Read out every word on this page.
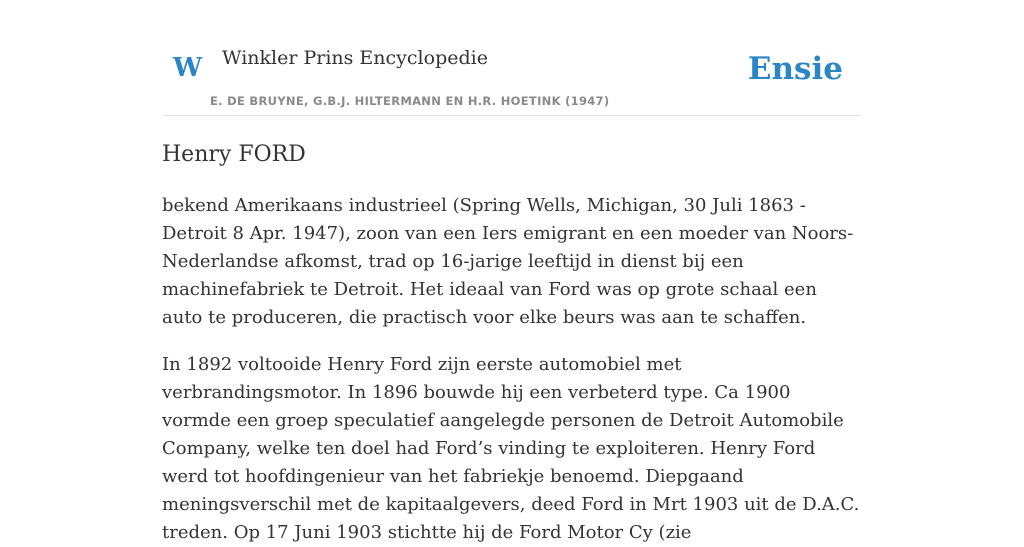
W Winkler Prins Encyclopedie
E. DE BRUYNE, G.B.J. HILTERMANN EN H.R. HOETINK (1947)
Ensie
Henry FORD

bekend Amerikaans industrieel (Spring Wells, Michigan, 30 Juli 1863 - Detroit 8 Apr. 1947), zoon van een Iers emigrant en een moeder van Noors-Nederlandse afkomst, trad op 16-jarige leeftijd in dienst bij een machinefabriek te Detroit. Het ideaal van Ford was op grote schaal een auto te produceren, die practisch voor elke beurs was aan te schaffen.

In 1892 voltooide Henry Ford zijn eerste automobiel met verbrandingsmotor. In 1896 bouwde hij een verbeterd type. Ca 1900 vormde een groep speculatief aangelegde personen de Detroit Automobile Company, welke ten doel had Ford’s vinding te exploiteren. Henry Ford werd tot hoofdingenieur van het fabriekje benoemd. Diepgaand meningsverschil met de kapitaalgevers, deed Ford in Mrt 1903 uit de D.A.C. treden. Op 17 Juni 1903 stichtte hij de Ford Motor Cy (zie
